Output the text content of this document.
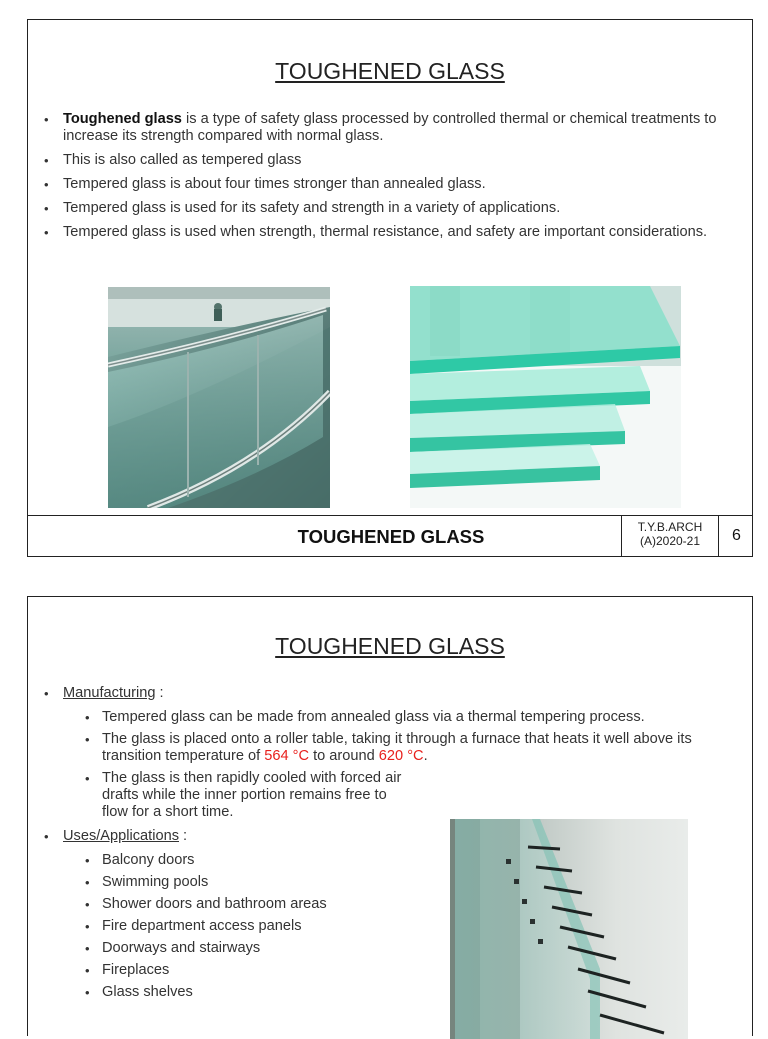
TOUGHENED GLASS
• Toughened glass is a type of safety glass processed by controlled thermal or chemical treatments to increase its strength compared with normal glass.
• This is also called as tempered glass
• Tempered glass is about four times stronger than annealed glass.
• Tempered glass is used for its safety and strength in a variety of applications.
• Tempered glass is used when strength, thermal resistance, and safety are important considerations.
TOUGHENED GLASS	T.Y.B.ARCH
(A)2020-21	6
TOUGHENED GLASS
• Manufacturing :
• Tempered glass can be made from annealed glass via a thermal tempering process.
• The glass is placed onto a roller table, taking it through a furnace that heats it well above its transition temperature of 564 °C to around 620 °C.
• The glass is then rapidly cooled with forced air drafts while the inner portion remains free to flow for a short time.
• Uses/Applications :
• Balcony doors
• Swimming pools
• Shower doors and bathroom areas
• Fire department access panels
• Doorways and stairways
• Fireplaces
• Glass shelves
